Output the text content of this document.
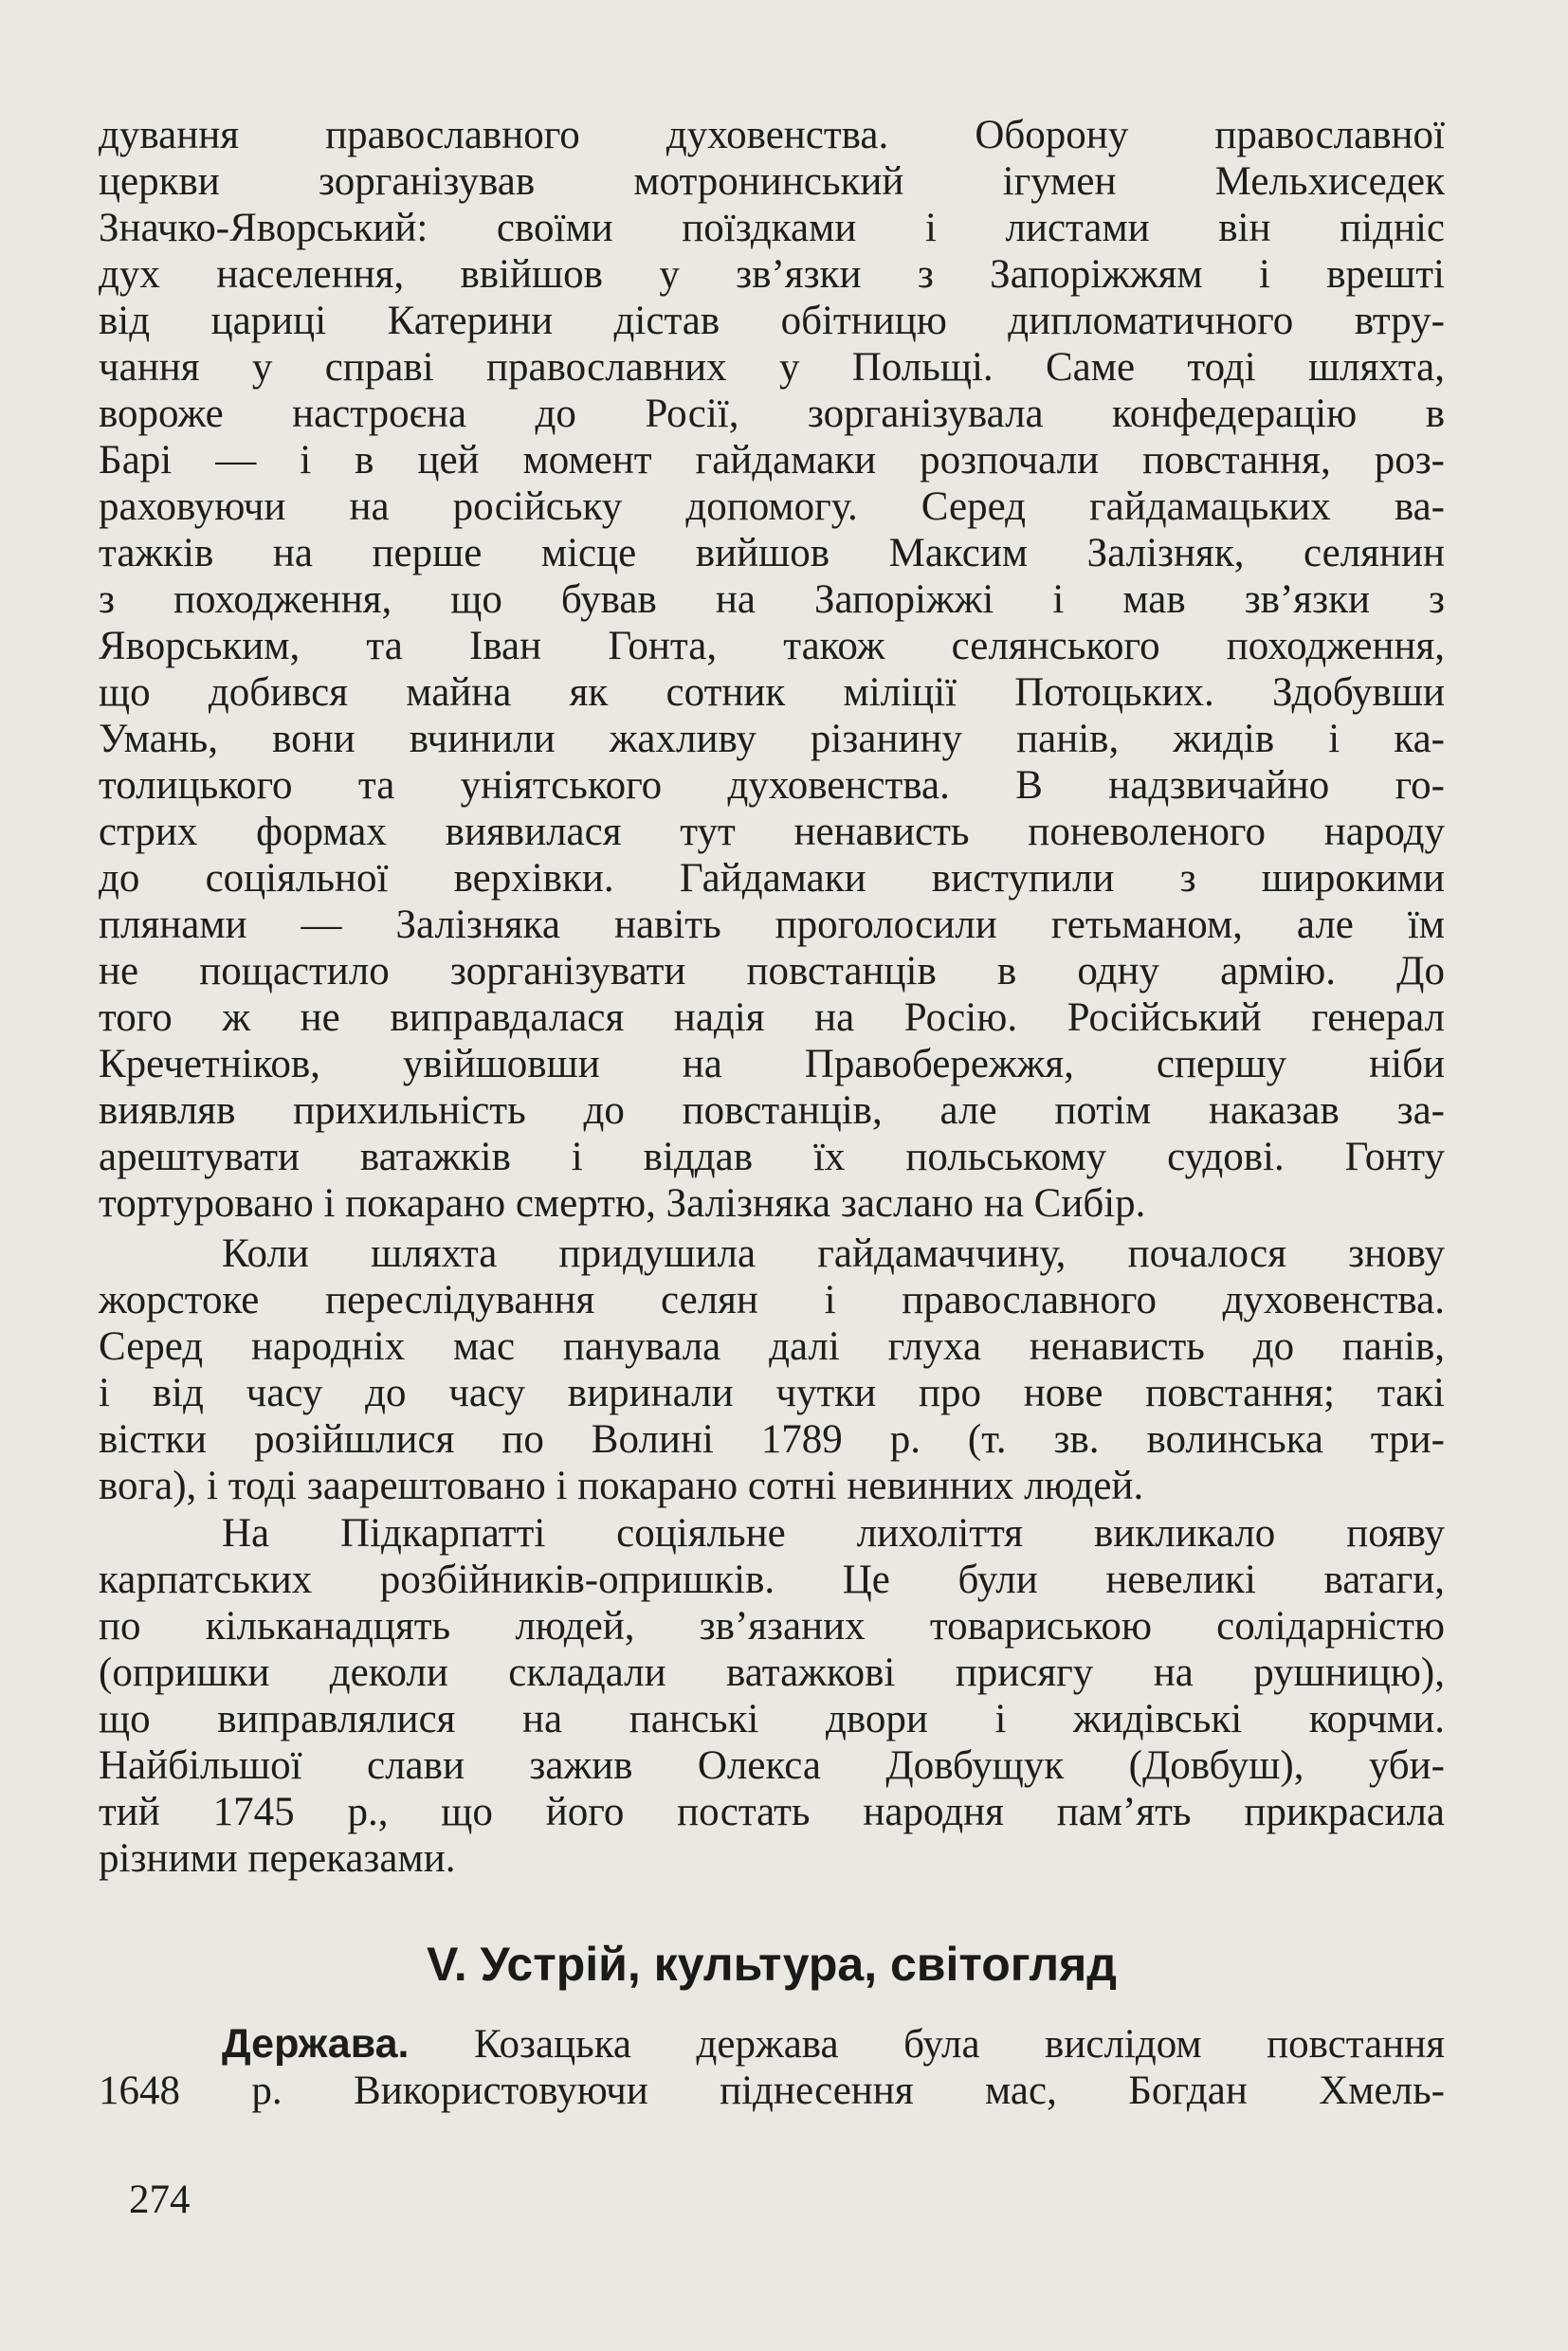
дування православного духовенства. Оборону православної
церкви зорганізував мотронинський ігумен Мельхиседек
Значко-Яворський: своїми поїздками і листами він підніс
дух населення, ввійшов у зв’язки з Запоріжжям і врешті
від цариці Катерини дістав обітницю дипломатичного втру-
чання у справі православних у Польщі. Саме тоді шляхта,
вороже настроєна до Росії, зорганізувала конфедерацію в
Барі — і в цей момент гайдамаки розпочали повстання, роз-
раховуючи на російську допомогу. Серед гайдамацьких ва-
тажків на перше місце вийшов Максим Залізняк, селянин
з походження, що бував на Запоріжжі і мав зв’язки з
Яворським, та Іван Гонта, також селянського походження,
що добився майна як сотник міліції Потоцьких. Здобувши
Умань, вони вчинили жахливу різанину панів, жидів і ка-
толицького та уніятського духовенства. В надзвичайно го-
стрих формах виявилася тут ненависть поневоленого народу
до соціяльної верхівки. Гайдамаки виступили з широкими
плянами — Залізняка навіть проголосили гетьманом, але їм
не пощастило зорганізувати повстанців в одну армію. До
того ж не виправдалася надія на Росію. Російський генерал
Кречетніков, увійшовши на Правобережжя, спершу ніби
виявляв прихильність до повстанців, але потім наказав за-
арештувати ватажків і віддав їх польському судові. Гонту
тортуровано і покарано смертю, Залізняка заслано на Сибір.
Коли шляхта придушила гайдамаччину, почалося знову
жорстоке переслідування селян і православного духовенства.
Серед народніх мас панувала далі глуха ненависть до панів,
і від часу до часу виринали чутки про нове повстання; такі
вістки розійшлися по Волині 1789 р. (т. зв. волинська три-
вога), і тоді заарештовано і покарано сотні невинних людей.
На Підкарпатті соціяльне лихоліття викликало появу
карпатських розбійників-опришків. Це були невеликі ватаги,
по кільканадцять людей, зв’язаних товариською солідарністю
(опришки деколи складали ватажкові присягу на рушницю),
що виправлялися на панські двори і жидівські корчми.
Найбільшої слави зажив Олекса Довбущук (Довбуш), уби-
тий 1745 р., що його постать народня пам’ять прикрасила
різними переказами.
V. Устрій, культура, світогляд
Держава. Козацька держава була вислідом повстання
1648 р. Використовуючи піднесення мас, Богдан Хмель-
274
